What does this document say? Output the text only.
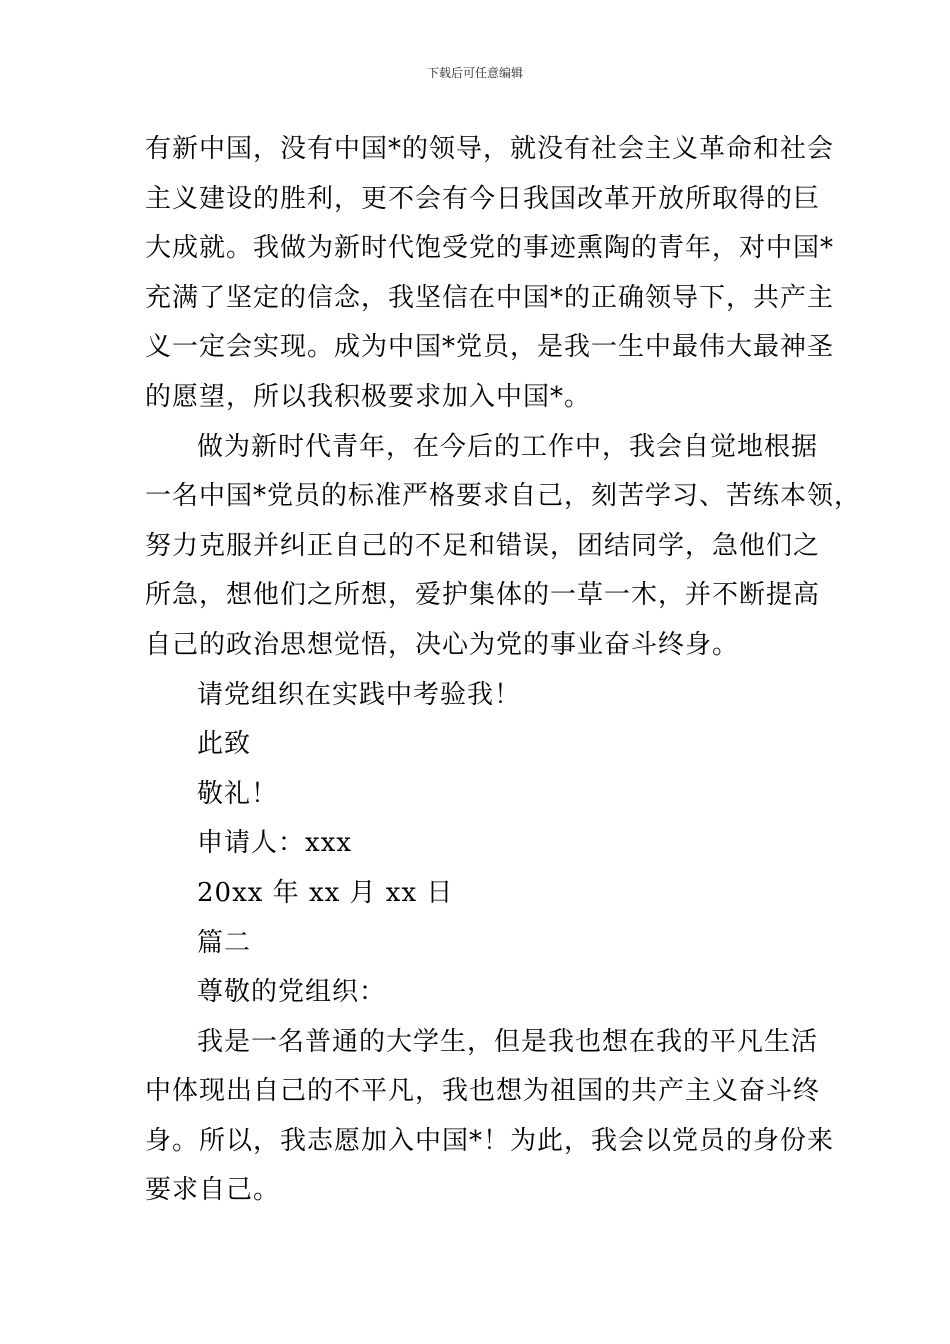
下载后可任意编辑
有新中国，没有中国*的领导，就没有社会主义革命和社会
主义建设的胜利，更不会有今日我国改革开放所取得的巨
大成就。我做为新时代饱受党的事迹熏陶的青年，对中国*
充满了坚定的信念，我坚信在中国*的正确领导下，共产主
义一定会实现。成为中国*党员，是我一生中最伟大最神圣
的愿望，所以我积极要求加入中国*。
做为新时代青年，在今后的工作中，我会自觉地根据
一名中国*党员的标准严格要求自己，刻苦学习、苦练本领，
努力克服并纠正自己的不足和错误，团结同学，急他们之
所急，想他们之所想，爱护集体的一草一木，并不断提高
自己的政治思想觉悟，决心为党的事业奋斗终身。
请党组织在实践中考验我！
此致
敬礼！
申请人：xxx
20xx 年 xx 月 xx 日
篇二
尊敬的党组织：
我是一名普通的大学生，但是我也想在我的平凡生活
中体现出自己的不平凡，我也想为祖国的共产主义奋斗终
身。所以，我志愿加入中国*！为此，我会以党员的身份来
要求自己。
